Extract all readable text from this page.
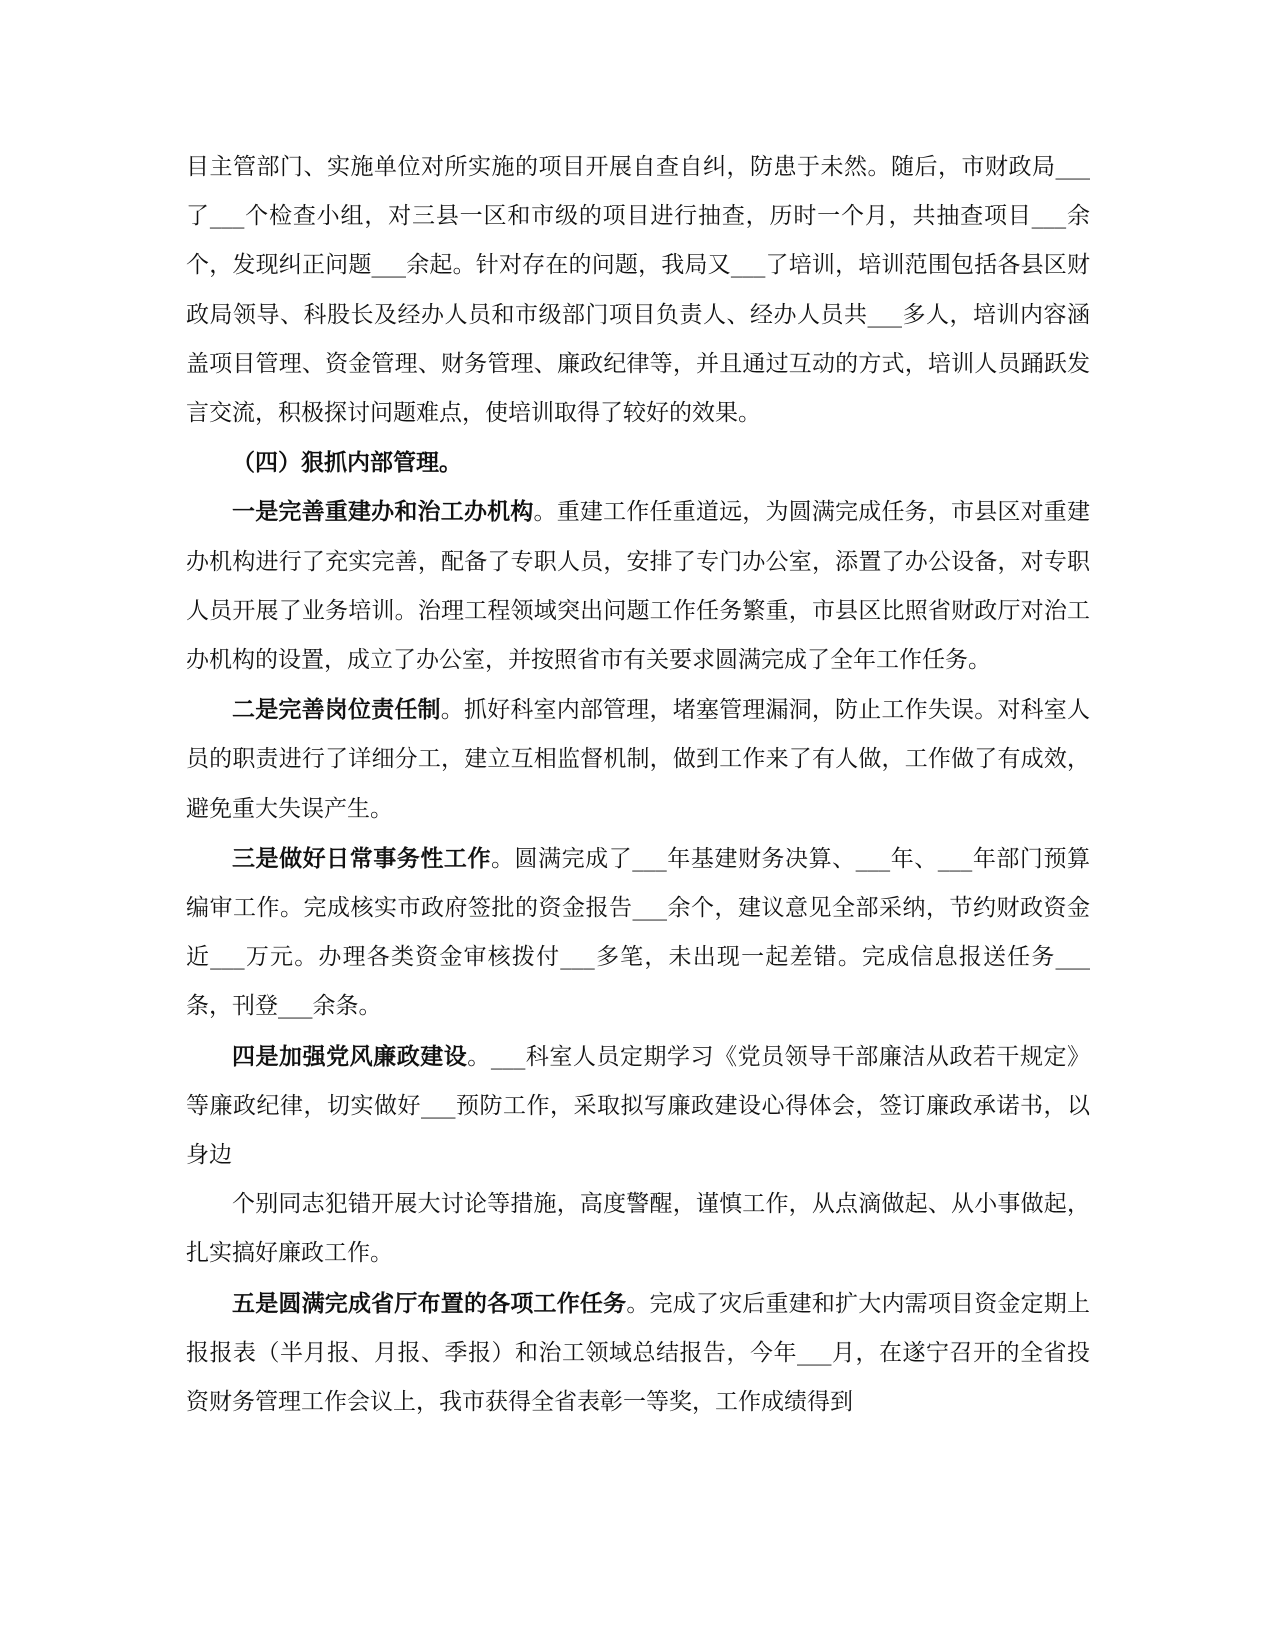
目主管部门、实施单位对所实施的项目开展自查自纠，防患于未然。随后，市财政局___了___个检查小组，对三县一区和市级的项目进行抽查，历时一个月，共抽查项目___余个，发现纠正问题___余起。针对存在的问题，我局又___了培训，培训范围包括各县区财政局领导、科股长及经办人员和市级部门项目负责人、经办人员共___多人，培训内容涵盖项目管理、资金管理、财务管理、廉政纪律等，并且通过互动的方式，培训人员踊跃发言交流，积极探讨问题难点，使培训取得了较好的效果。

（四）狠抓内部管理。

一是完善重建办和治工办机构。重建工作任重道远，为圆满完成任务，市县区对重建办机构进行了充实完善，配备了专职人员，安排了专门办公室，添置了办公设备，对专职人员开展了业务培训。治理工程领域突出问题工作任务繁重，市县区比照省财政厅对治工办机构的设置，成立了办公室，并按照省市有关要求圆满完成了全年工作任务。

二是完善岗位责任制。抓好科室内部管理，堵塞管理漏洞，防止工作失误。对科室人员的职责进行了详细分工，建立互相监督机制，做到工作来了有人做，工作做了有成效，避免重大失误产生。

三是做好日常事务性工作。圆满完成了___年基建财务决算、___年、___年部门预算编审工作。完成核实市政府签批的资金报告___余个，建议意见全部采纳，节约财政资金近___万元。办理各类资金审核拨付___多笔，未出现一起差错。完成信息报送任务___条，刊登___余条。

四是加强党风廉政建设。___科室人员定期学习《党员领导干部廉洁从政若干规定》等廉政纪律，切实做好___预防工作，采取拟写廉政建设心得体会，签订廉政承诺书，以身边

个别同志犯错开展大讨论等措施，高度警醒，谨慎工作，从点滴做起、从小事做起，扎实搞好廉政工作。

五是圆满完成省厅布置的各项工作任务。完成了灾后重建和扩大内需项目资金定期上报报表（半月报、月报、季报）和治工领域总结报告，今年___月，在遂宁召开的全省投资财务管理工作会议上，我市获得全省表彰一等奖，工作成绩得到
